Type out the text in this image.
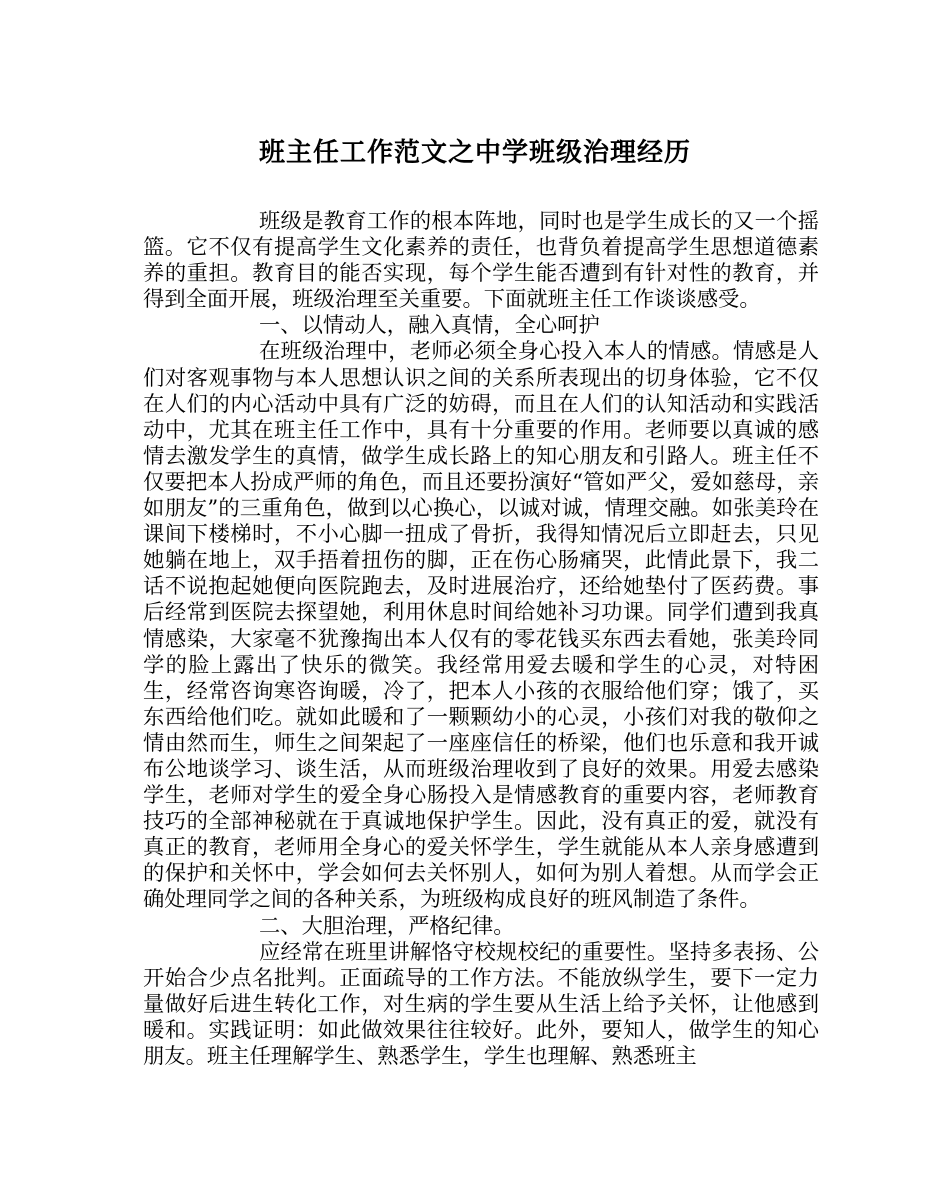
班主任工作范文之中学班级治理经历

班级是教育工作的根本阵地，同时也是学生成长的又一个摇篮。它不仅有提高学生文化素养的责任，也背负着提高学生思想道德素养的重担。教育目的能否实现，每个学生能否遭到有针对性的教育，并得到全面开展，班级治理至关重要。下面就班主任工作谈谈感受。

一、以情动人，融入真情，全心呵护

在班级治理中，老师必须全身心投入本人的情感。情感是人们对客观事物与本人思想认识之间的关系所表现出的切身体验，它不仅在人们的内心活动中具有广泛的妨碍，而且在人们的认知活动和实践活动中，尤其在班主任工作中，具有十分重要的作用。老师要以真诚的感情去激发学生的真情，做学生成长路上的知心朋友和引路人。班主任不仅要把本人扮成严师的角色，而且还要扮演好“管如严父，爱如慈母，亲如朋友”的三重角色，做到以心换心，以诚对诚，情理交融。如张美玲在课间下楼梯时，不小心脚一扭成了骨折，我得知情况后立即赶去，只见她躺在地上，双手捂着扭伤的脚，正在伤心肠痛哭，此情此景下，我二话不说抱起她便向医院跑去，及时进展治疗，还给她垫付了医药费。事后经常到医院去探望她，利用休息时间给她补习功课。同学们遭到我真情感染，大家毫不犹豫掏出本人仅有的零花钱买东西去看她，张美玲同学的脸上露出了快乐的微笑。我经常用爱去暖和学生的心灵，对特困生，经常咨询寒咨询暖，冷了，把本人小孩的衣服给他们穿；饿了，买东西给他们吃。就如此暖和了一颗颗幼小的心灵，小孩们对我的敬仰之情由然而生，师生之间架起了一座座信任的桥梁，他们也乐意和我开诚布公地谈学习、谈生活，从而班级治理收到了良好的效果。用爱去感染学生，老师对学生的爱全身心肠投入是情感教育的重要内容，老师教育技巧的全部神秘就在于真诚地保护学生。因此，没有真正的爱，就没有真正的教育，老师用全身心的爱关怀学生，学生就能从本人亲身感遭到的保护和关怀中，学会如何去关怀别人，如何为别人着想。从而学会正确处理同学之间的各种关系，为班级构成良好的班风制造了条件。

二、大胆治理，严格纪律。

应经常在班里讲解恪守校规校纪的重要性。坚持多表扬、公开始合少点名批判。正面疏导的工作方法。不能放纵学生，要下一定力量做好后进生转化工作，对生病的学生要从生活上给予关怀，让他感到暖和。实践证明：如此做效果往往较好。此外，要知人，做学生的知心朋友。班主任理解学生、熟悉学生，学生也理解、熟悉班主
